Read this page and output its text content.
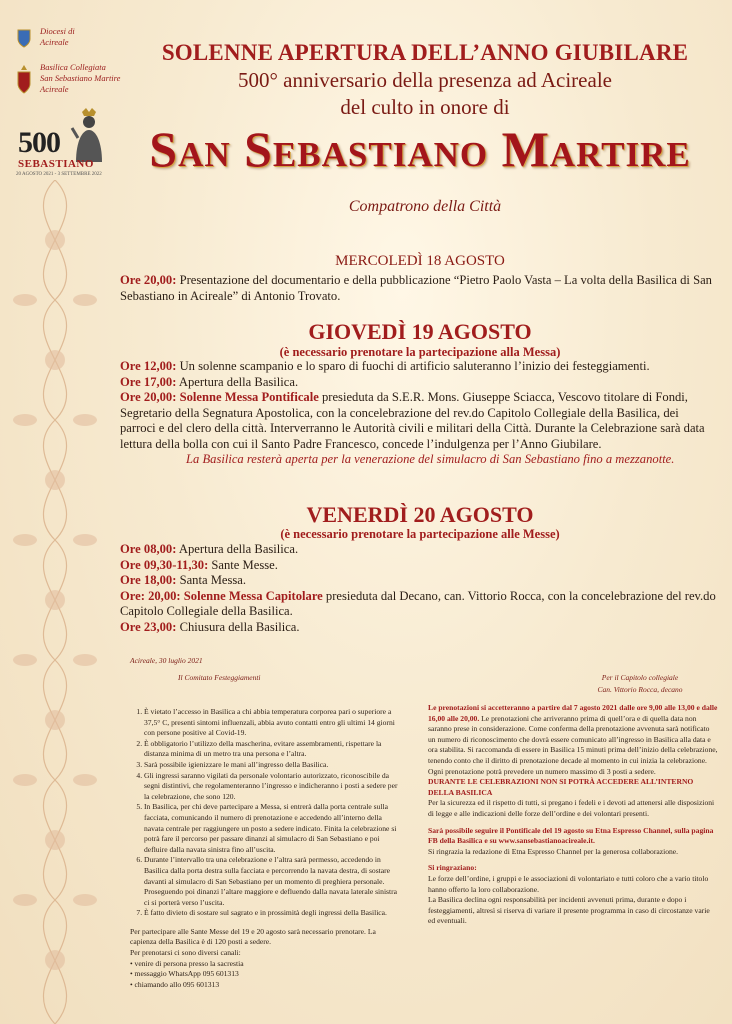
Diocesi di
Acireale
Basilica Collegiata
San Sebastiano Martire
Acireale
500
SEBASTIANO
20 AGOSTO 2021 - 3 SETTEMBRE 2022
SOLENNE APERTURA DELL’ANNO GIUBILARE
500° anniversario della presenza ad Acireale
del culto in onore di
San Sebastiano Martire
Compatrono della Città
MERCOLEDÌ 18 AGOSTO
Ore 20,00: Presentazione del documentario e della pubblicazione “Pietro Paolo Vasta – La volta della Basilica di San Sebastiano in Acireale” di Antonio Trovato.
GIOVEDÌ 19 AGOSTO
(è necessario prenotare la partecipazione alla Messa)
Ore 12,00: Un solenne scampanio e lo sparo di fuochi di artificio saluteranno l’inizio dei festeggiamenti.
Ore 17,00: Apertura della Basilica.
Ore 20,00: Solenne Messa Pontificale presieduta da S.E.R. Mons. Giuseppe Sciacca, Vescovo titolare di Fondi, Segretario della Segnatura Apostolica, con la concelebrazione del rev.do Capitolo Collegiale della Basilica, dei parroci e del clero della città. Interverranno le Autorità civili e militari della Città. Durante la Celebrazione sarà data lettura della bolla con cui il Santo Padre Francesco, concede l’indulgenza per l’Anno Giubilare.
La Basilica resterà aperta per la venerazione del simulacro di San Sebastiano fino a mezzanotte.
VENERDÌ 20 AGOSTO
(è necessario prenotare la partecipazione alle Messe)
Ore 08,00: Apertura della Basilica.
Ore 09,30-11,30: Sante Messe.
Ore 18,00: Santa Messa.
Ore: 20,00: Solenne Messa Capitolare presieduta dal Decano, can. Vittorio Rocca, con la concelebrazione del rev.do Capitolo Collegiale della Basilica.
Ore 23,00: Chiusura della Basilica.
Acireale, 30 luglio 2021
Il Comitato Festeggiamenti	Per il Capitolo collegiale
Can. Vittorio Rocca, decano
1. È vietato l’accesso in Basilica a chi abbia temperatura corporea pari o superiore a 37,5° C, presenti sintomi influenzali, abbia avuto contatti entro gli ultimi 14 giorni con persone positive al Covid-19.
2. È obbligatorio l’utilizzo della mascherina, evitare assembramenti, rispettare la distanza minima di un metro tra una persona e l’altra.
3. Sarà possibile igienizzare le mani all’ingresso della Basilica.
4. Gli ingressi saranno vigilati da personale volontario autorizzato, riconoscibile da segni distintivi, che regolamenteranno l’ingresso e indicheranno i posti a sedere per la celebrazione, che sono 120.
5. In Basilica, per chi deve partecipare a Messa, si entrerà dalla porta centrale sulla facciata, comunicando il numero di prenotazione e accedendo all’interno della navata centrale per raggiungere un posto a sedere indicato. Finita la celebrazione si potrà fare il percorso per passare dinanzi al simulacro di San Sebastiano e poi defluire dalla navata sinistra fino all’uscita.
6. Durante l’intervallo tra una celebrazione e l’altra sarà permesso, accedendo in Basilica dalla porta destra sulla facciata e percorrendo la navata destra, di sostare davanti al simulacro di San Sebastiano per un momento di preghiera personale. Proseguendo poi dinanzi l’altare maggiore e defluendo dalla navata laterale sinistra ci si porterà verso l’uscita.
7. È fatto divieto di sostare sul sagrato e in prossimità degli ingressi della Basilica.
Per partecipare alle Sante Messe del 19 e 20 agosto sarà necessario prenotare. La capienza della Basilica è di 120 posti a sedere.
Per prenotarsi ci sono diversi canali:
• venire di persona presso la sacrestia
• messaggio WhatsApp 095 601313
• chiamando allo 095 601313
Le prenotazioni si accetteranno a partire dal 7 agosto 2021 dalle ore 9,00 alle 13,00 e dalle 16,00 alle 20,00. Le prenotazioni che arriveranno prima di quell’ora e di quella data non saranno prese in considerazione. Come conferma della prenotazione avvenuta sarà notificato un numero di riconoscimento che dovrà essere comunicato all’ingresso in Basilica alla data e ora stabilita. Si raccomanda di essere in Basilica 15 minuti prima dell’inizio della celebrazione, tenendo conto che il diritto di prenotazione decade al momento in cui inizia la celebrazione. Ogni prenotazione potrà prevedere un numero massimo di 3 posti a sedere.
DURANTE LE CELEBRAZIONI NON SI POTRÀ ACCEDERE ALL’INTERNO DELLA BASILICA
Per la sicurezza ed il rispetto di tutti, si pregano i fedeli e i devoti ad attenersi alle disposizioni di legge e alle indicazioni delle forze dell’ordine e dei volontari presenti.
Sarà possibile seguire il Pontificale del 19 agosto su Etna Espresso Channel, sulla pagina FB della Basilica e su www.sansebastianoacireale.it.
Si ringrazia la redazione di Etna Espresso Channel per la generosa collaborazione.
Si ringraziano:
Le forze dell’ordine, i gruppi e le associazioni di volontariato e tutti coloro che a vario titolo hanno offerto la loro collaborazione.
La Basilica declina ogni responsabilità per incidenti avvenuti prima, durante e dopo i festeggiamenti, altresì si riserva di variare il presente programma in caso di circostanze varie ed eventuali.
